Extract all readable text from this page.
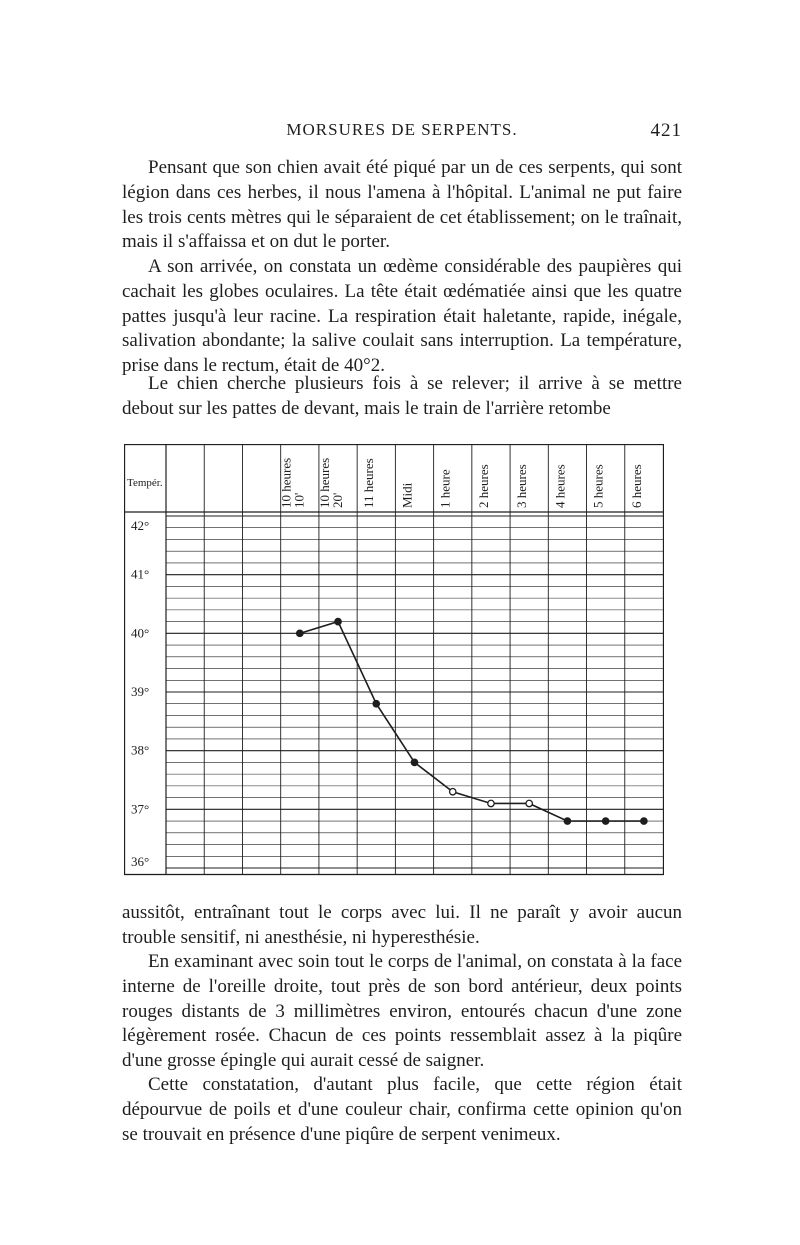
MORSURES DE SERPENTS.	421

Pensant que son chien avait été piqué par un de ces serpents, qui sont légion dans ces herbes, il nous l'amena à l'hôpital. L'animal ne put faire les trois cents mètres qui le séparaient de cet établissement; on le traînait, mais il s'affaissa et on dut le porter.

A son arrivée, on constata un œdème considérable des paupières qui cachait les globes oculaires. La tête était œdématiée ainsi que les quatre pattes jusqu'à leur racine. La respiration était haletante, rapide, inégale, salivation abondante; la salive coulait sans interruption. La température, prise dans le rectum, était de 40°2.

Le chien cherche plusieurs fois à se relever; il arrive à se mettre debout sur les pattes de devant, mais le train de l'arrière retombe

42°
41°
40°
39°
38°
37°
36°
Tempér.	10 heures
10' 10 heures
20' 11 heures Midi 1 heure 2 heures 3 heures 4 heures 5 heures 6 heures

aussitôt, entraînant tout le corps avec lui. Il ne paraît y avoir aucun trouble sensitif, ni anesthésie, ni hyperesthésie.

En examinant avec soin tout le corps de l'animal, on constata à la face interne de l'oreille droite, tout près de son bord antérieur, deux points rouges distants de 3 millimètres environ, entourés chacun d'une zone légèrement rosée. Chacun de ces points ressemblait assez à la piqûre d'une grosse épingle qui aurait cessé de saigner.

Cette constatation, d'autant plus facile, que cette région était dépourvue de poils et d'une couleur chair, confirma cette opinion qu'on se trouvait en présence d'une piqûre de serpent venimeux.
